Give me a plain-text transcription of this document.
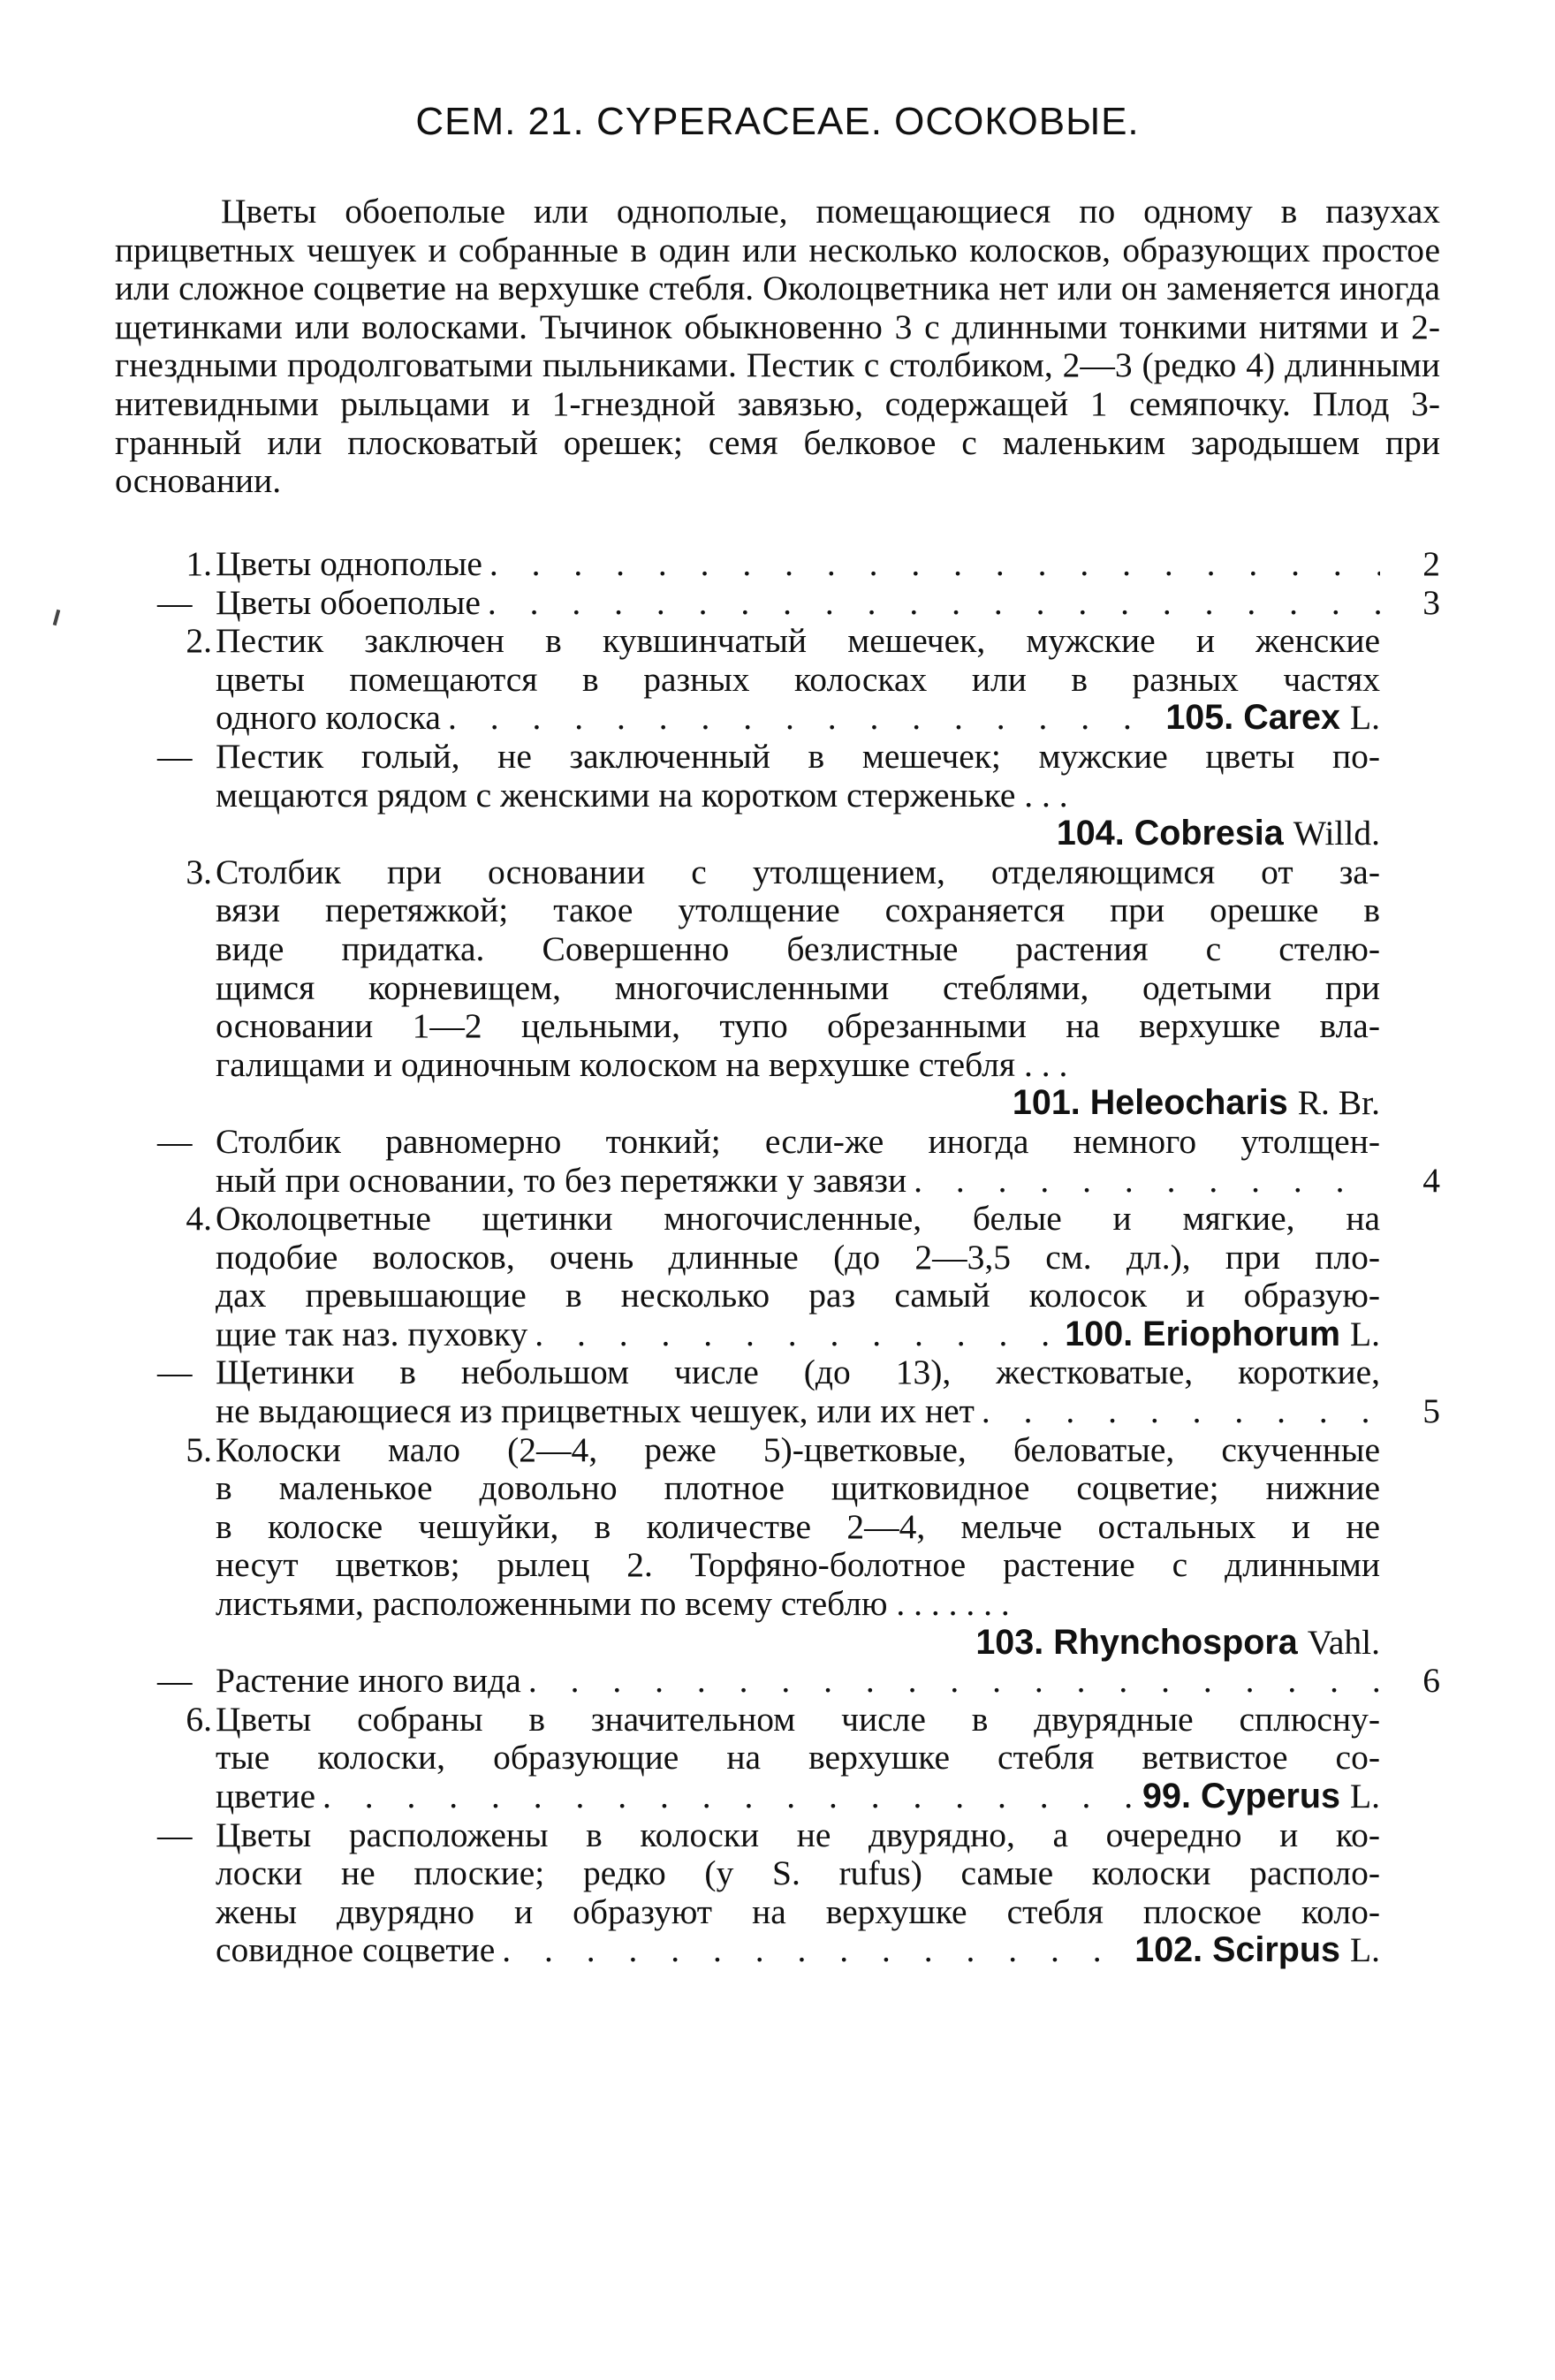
СЕМ. 21. CYPERACEAE. ОСОКОВЫЕ.
Цветы обоеполые или однополые, помещающиеся по одному в пазухах прицветных чешуек и собранные в один или несколько колосков, образующих простое или сложное соцветие на верхушке стебля. Околоцветника нет или он заменяется иногда щетинками или волосками. Тычинок обыкновенно 3 с длинными тонкими нитями и 2-гнездными продолговатыми пыльниками. Пестик с столбиком, 2—3 (редко 4) длинными нитевидными рыльцами и 1-гнездной завязью, содержащей 1 семяпочку. Плод 3-гранный или плосковатый орешек; семя белковое с маленьким зародышем при основании.
1. Цветы однополые . . .	2
— Цветы обоеполые . . .	3
2. Пестик заключен в кувшинчатый мешечек, мужские и женские
цветы помещаются в разных колосках или в разных частях
одного колоска . . .	105. Carex L.
— Пестик голый, не заключенный в мешечек; мужские цветы по-
мещаются рядом с женскими на коротком стерженьке . . .
104. Cobresia Willd.
3. Столбик при основании с утолщением, отделяющимся от за-
вязи перетяжкой; такое утолщение сохраняется при орешке в
виде придатка. Совершенно безлистные растения с стелю-
щимся корневищем, многочисленными стеблями, одетыми при
основании 1—2 цельными, тупо обрезанными на верхушке вла-
галищами и одиночным колоском на верхушке стебля . . .
101. Heleocharis R. Br.
— Столбик равномерно тонкий; если-же иногда немного утолщен-
ный при основании, то без перетяжки у завязи . . .	4
4. Околоцветные щетинки многочисленные, белые и мягкие, на
подобие волосков, очень длинные (до 2—3,5 см. дл.), при пло-
дах превышающие в несколько раз самый колосок и образую-
щие так наз. пуховку . . .	100. Eriophorum L.
— Щетинки в небольшом числе (до 13), жестковатые, короткие,
не выдающиеся из прицветных чешуек, или их нет . . .	5
5. Колоски мало (2—4, реже 5)-цветковые, беловатые, скученные
в маленькое довольно плотное щитковидное соцветие; нижние
в колоске чешуйки, в количестве 2—4, мельче остальных и не
несут цветков; рылец 2. Торфяно-болотное растение с длинными
листьями, расположенными по всему стеблю . . . . . . .
103. Rhynchospora Vahl.
— Растение иного вида . . .	6
6. Цветы собраны в значительном числе в двурядные сплюсну-
тые колоски, образующие на верхушке стебля ветвистое со-
цветие . . .	99. Cyperus L.
— Цветы расположены в колоски не двурядно, а очередно и ко-
лоски не плоские; редко (у S. rufus) самые колоски располо-
жены двурядно и образуют на верхушке стебля плоское коло-
совидное соцветие . . .	102. Scirpus L.
